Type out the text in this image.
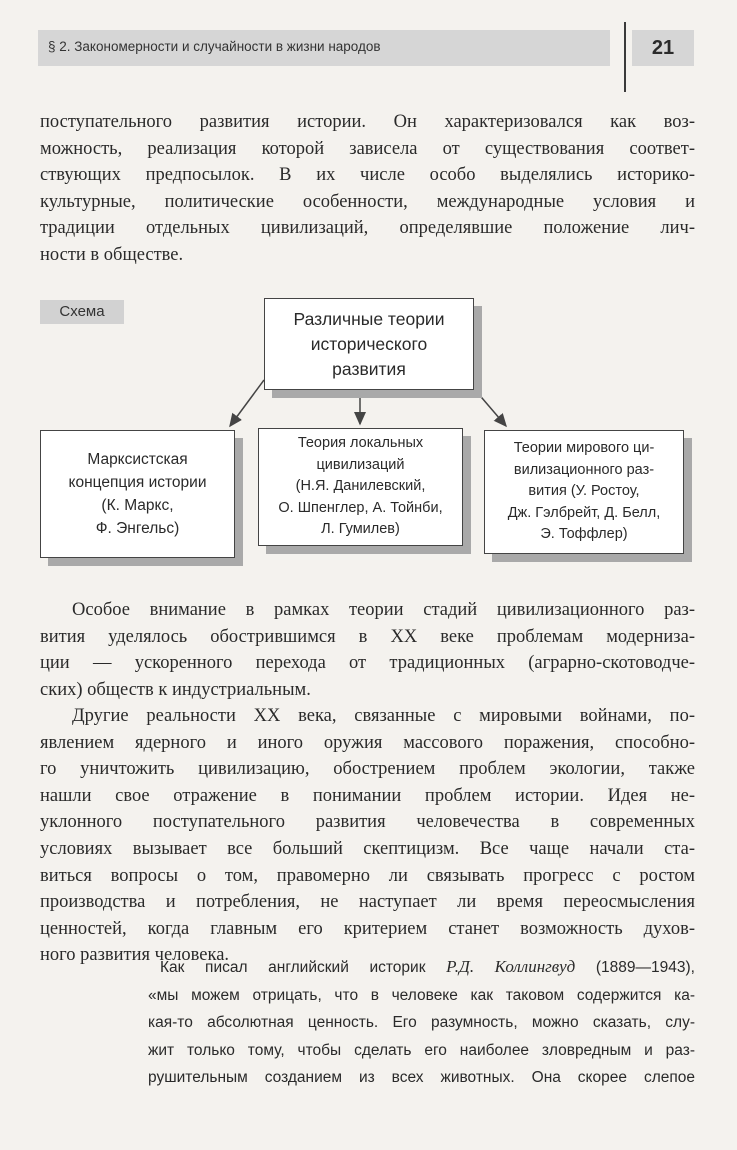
§ 2. Закономерности и случайности в жизни народов	21
поступательного развития истории. Он характеризовался как воз-
можность, реализация которой зависела от существования соответ-
ствующих предпосылок. В их числе особо выделялись историко-
культурные, политические особенности, международные условия и
традиции отдельных цивилизаций, определявшие положение лич-
ности в обществе.
Схема	Различные теории
исторического
развития
Марксистская
концепция истории
(К. Маркс,
Ф. Энгельс)
Теория локальных
цивилизаций
(Н.Я. Данилевский,
О. Шпенглер, А. Тойнби,
Л. Гумилев)
Теории мирового ци-
вилизационного раз-
вития (У. Ростоу,
Дж. Гэлбрейт, Д. Белл,
Э. Тоффлер)
Особое внимание в рамках теории стадий цивилизационного раз-
вития уделялось обострившимся в XX веке проблемам модерниза-
ции — ускоренного перехода от традиционных (аграрно-скотоводче-
ских) обществ к индустриальным.
Другие реальности XX века, связанные с мировыми войнами, по-
явлением ядерного и иного оружия массового поражения, способно-
го уничтожить цивилизацию, обострением проблем экологии, также
нашли свое отражение в понимании проблем истории. Идея не-
уклонного поступательного развития человечества в современных
условиях вызывает все больший скептицизм. Все чаще начали ста-
виться вопросы о том, правомерно ли связывать прогресс с ростом
производства и потребления, не наступает ли время переосмысления
ценностей, когда главным его критерием станет возможность духов-
ного развития человека.
Как писал английский историк Р.Д. Коллингвуд (1889—1943),
«мы можем отрицать, что в человеке как таковом содержится ка-
кая-то абсолютная ценность. Его разумность, можно сказать, слу-
жит только тому, чтобы сделать его наиболее зловредным и раз-
рушительным созданием из всех животных. Она скорее слепое
